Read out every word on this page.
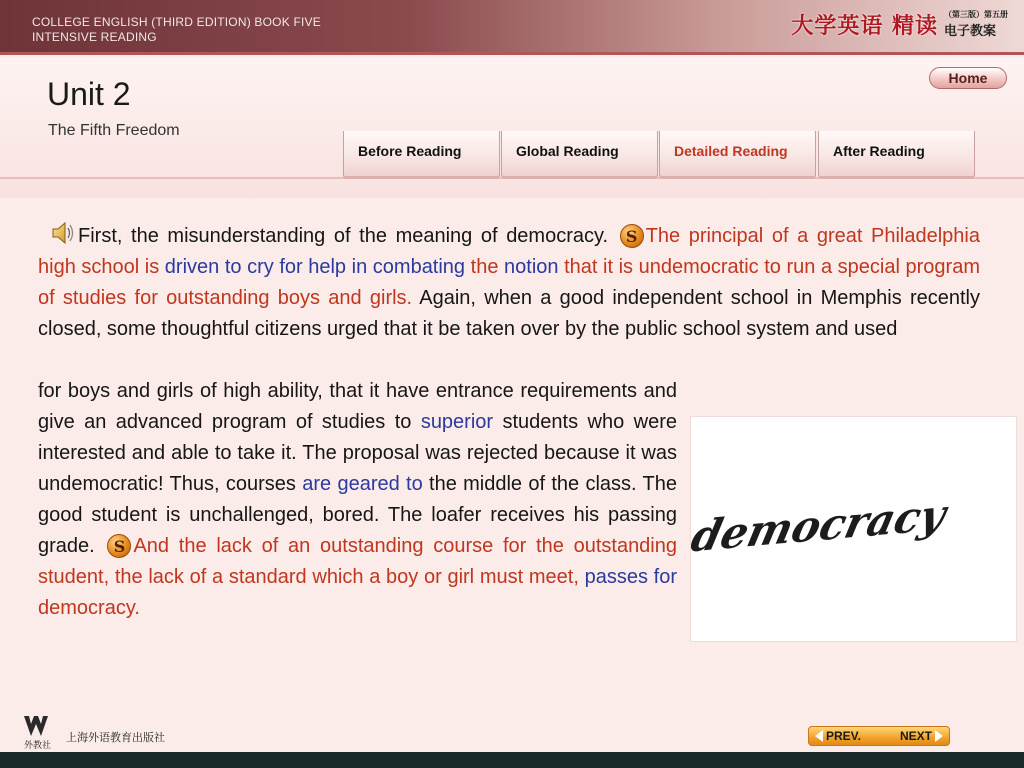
COLLEGE ENGLISH (THIRD EDITION) BOOK FIVE
INTENSIVE READING	大学英语 精读 （第三版）第五册
电子教案
Unit 2
The Fifth Freedom
Home
Before Reading	Global Reading	Detailed Reading	After Reading
First, the misunderstanding of the meaning of democracy. S The principal of a great Philadelphia high school is driven to cry for help in combating the notion that it is undemocratic to run a special program of studies for outstanding boys and girls. Again, when a good independent school in Memphis recently closed, some thoughtful citizens urged that it be taken over by the public school system and used
for boys and girls of high ability, that it have entrance requirements and give an advanced program of studies to superior students who were interested and able to take it. The proposal was rejected because it was undemocratic! Thus, courses are geared to the middle of the class. The good student is unchallenged, bored. The loafer receives his passing grade. S And the lack of an outstanding course for the outstanding student, the lack of a standard which a boy or girl must meet, passes for democracy.
democracy
外教社
上海外语教育出版社	PREV.	NEXT
